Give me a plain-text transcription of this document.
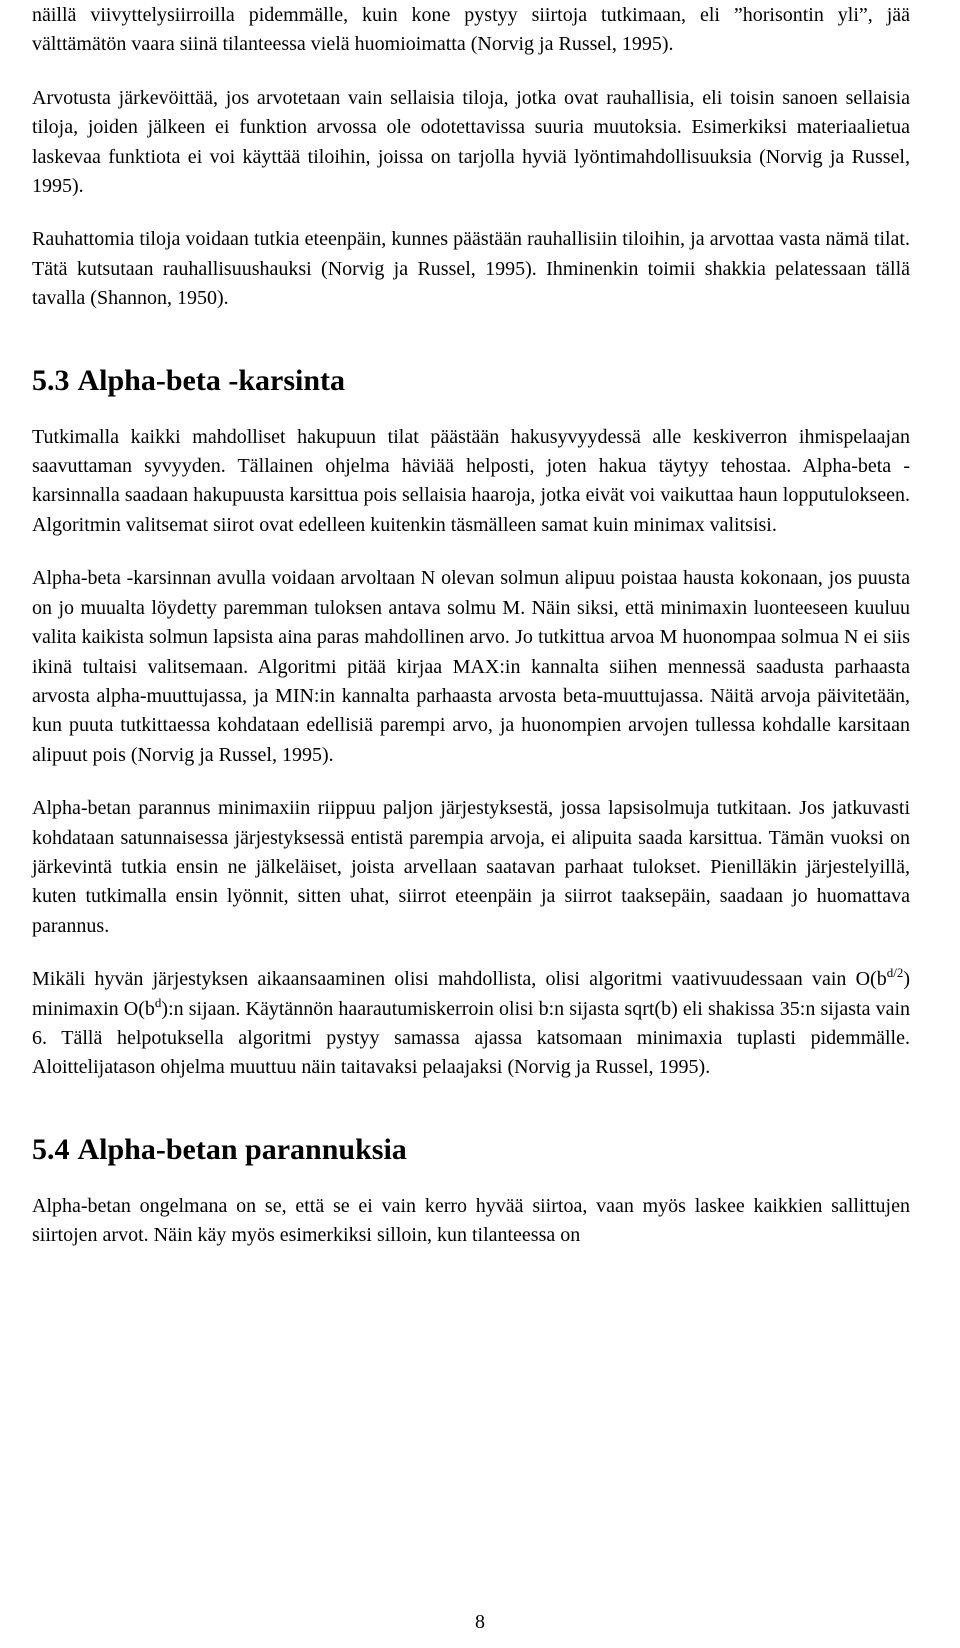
näillä viivyttelysiirroilla pidemmälle, kuin kone pystyy siirtoja tutkimaan, eli ”horisontin yli”, jää välttämätön vaara siinä tilanteessa vielä huomioimatta (Norvig ja Russel, 1995).

Arvotusta järkevöittää, jos arvotetaan vain sellaisia tiloja, jotka ovat rauhallisia, eli toisin sanoen sellaisia tiloja, joiden jälkeen ei funktion arvossa ole odotettavissa suuria muutoksia. Esimerkiksi materiaalietua laskevaa funktiota ei voi käyttää tiloihin, joissa on tarjolla hyviä lyöntimahdollisuuksia (Norvig ja Russel, 1995).

Rauhattomia tiloja voidaan tutkia eteenpäin, kunnes päästään rauhallisiin tiloihin, ja arvottaa vasta nämä tilat. Tätä kutsutaan rauhallisuushauksi (Norvig ja Russel, 1995). Ihminenkin toimii shakkia pelatessaan tällä tavalla (Shannon, 1950).

5.3 Alpha-beta -karsinta

Tutkimalla kaikki mahdolliset hakupuun tilat päästään hakusyvyydessä alle keskiverron ihmispelaajan saavuttaman syvyyden. Tällainen ohjelma häviää helposti, joten hakua täytyy tehostaa. Alpha-beta -karsinnalla saadaan hakupuusta karsittua pois sellaisia haaroja, jotka eivät voi vaikuttaa haun lopputulokseen. Algoritmin valitsemat siirot ovat edelleen kuitenkin täsmälleen samat kuin minimax valitsisi.

Alpha-beta -karsinnan avulla voidaan arvoltaan N olevan solmun alipuu poistaa hausta kokonaan, jos puusta on jo muualta löydetty paremman tuloksen antava solmu M. Näin siksi, että minimaxin luonteeseen kuuluu valita kaikista solmun lapsista aina paras mahdollinen arvo. Jo tutkittua arvoa M huonompaa solmua N ei siis ikinä tultaisi valitsemaan. Algoritmi pitää kirjaa MAX:in kannalta siihen mennessä saadusta parhaasta arvosta alpha-muuttujassa, ja MIN:in kannalta parhaasta arvosta beta-muuttujassa. Näitä arvoja päivitetään, kun puuta tutkittaessa kohdataan edellisiä parempi arvo, ja huonompien arvojen tullessa kohdalle karsitaan alipuut pois (Norvig ja Russel, 1995).

Alpha-betan parannus minimaxiin riippuu paljon järjestyksestä, jossa lapsisolmuja tutkitaan. Jos jatkuvasti kohdataan satunnaisessa järjestyksessä entistä parempia arvoja, ei alipuita saada karsittua. Tämän vuoksi on järkevintä tutkia ensin ne jälkeläiset, joista arvellaan saatavan parhaat tulokset. Pienilläkin järjestelyillä, kuten tutkimalla ensin lyönnit, sitten uhat, siirrot eteenpäin ja siirrot taaksepäin, saadaan jo huomattava parannus.

Mikäli hyvän järjestyksen aikaansaaminen olisi mahdollista, olisi algoritmi vaativuudessaan vain $O(b^{d/2})$ minimaxin $O(b^d):n$ sijaan. Käytännön haarautumiskerroin olisi b:n sijasta sqrt(b) eli shakissa 35:n sijasta vain 6. Tällä helpotuksella algoritmi pystyy samassa ajassa katsomaan minimaxia tuplasti pidemmälle. Aloittelijatason ohjelma muuttuu näin taitavaksi pelaajaksi (Norvig ja Russel, 1995).

5.4 Alpha-betan parannuksia

Alpha-betan ongelmana on se, että se ei vain kerro hyvää siirtoa, vaan myös laskee kaikkien sallittujen siirtojen arvot. Näin käy myös esimerkiksi silloin, kun tilanteessa on

8
